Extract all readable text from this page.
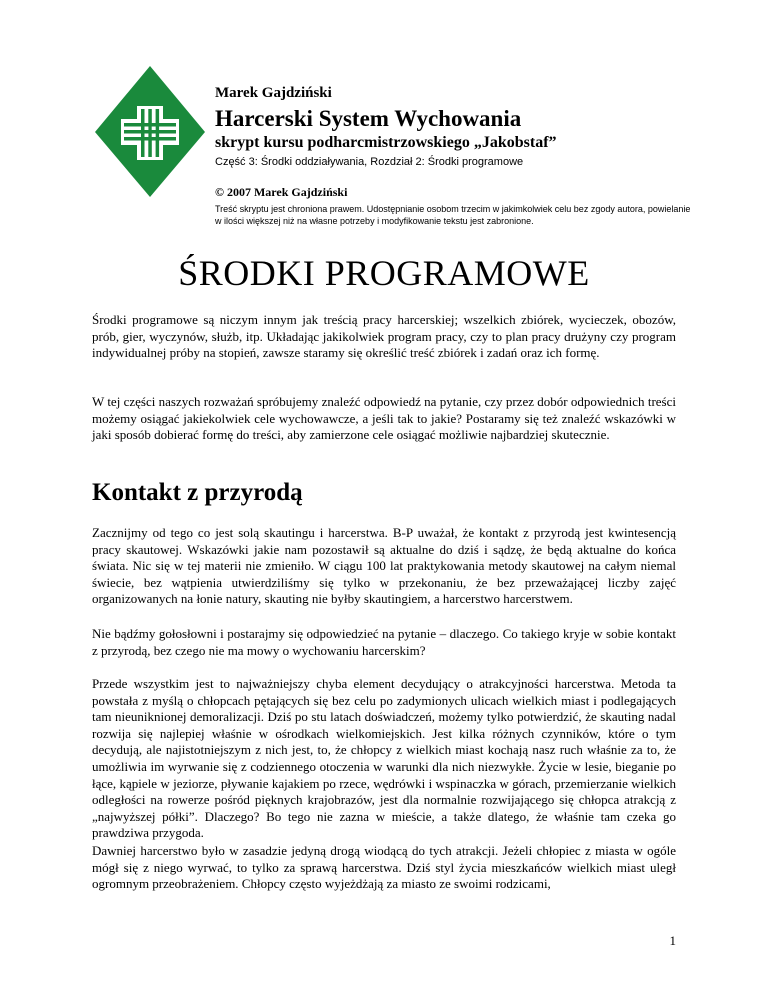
Marek Gajdziński
Harcerski System Wychowania
skrypt kursu podharcmistrzowskiego „Jakobstaf”
Część 3: Środki oddziaływania, Rozdział 2: Środki programowe
© 2007 Marek Gajdziński
Treść skryptu jest chroniona prawem. Udostępnianie osobom trzecim w jakimkolwiek celu bez zgody autora, powielanie w ilości większej niż na własne potrzeby i modyfikowanie tekstu jest zabronione.
ŚRODKI PROGRAMOWE

Środki programowe są niczym innym jak treścią pracy harcerskiej; wszelkich zbiórek, wycieczek, obozów, prób, gier, wyczynów, służb, itp. Układając jakikolwiek program pracy, czy to plan pracy drużyny czy program indywidualnej próby na stopień, zawsze staramy się określić treść zbiórek i zadań oraz ich formę.

W tej części naszych rozważań spróbujemy znaleźć odpowiedź na pytanie, czy przez dobór odpowiednich treści możemy osiągać jakiekolwiek cele wychowawcze, a jeśli tak to jakie? Postaramy się też znaleźć wskazówki w jaki sposób dobierać formę do treści, aby zamierzone cele osiągać możliwie najbardziej skutecznie.

Kontakt z przyrodą

Zacznijmy od tego co jest solą skautingu i harcerstwa. B-P uważał, że kontakt z przyrodą jest kwintesencją pracy skautowej. Wskazówki jakie nam pozostawił są aktualne do dziś i sądzę, że będą aktualne do końca świata. Nic się w tej materii nie zmieniło. W ciągu 100 lat praktykowania metody skautowej na całym niemal świecie, bez wątpienia utwierdziliśmy się tylko w przekonaniu, że bez przeważającej liczby zajęć organizowanych na łonie natury, skauting nie byłby skautingiem, a harcerstwo harcerstwem.

Nie bądźmy gołosłowni i postarajmy się odpowiedzieć na pytanie – dlaczego. Co takiego kryje w sobie kontakt z przyrodą, bez czego nie ma mowy o wychowaniu harcerskim?

Przede wszystkim jest to najważniejszy chyba element decydujący o atrakcyjności harcerstwa. Metoda ta powstała z myślą o chłopcach pętających się bez celu po zadymionych ulicach wielkich miast i podlegających tam nieuniknionej demoralizacji. Dziś po stu latach doświadczeń, możemy tylko potwierdzić, że skauting nadal rozwija się najlepiej właśnie w ośrodkach wielkomiejskich. Jest kilka różnych czynników, które o tym decydują, ale najistotniejszym z nich jest, to, że chłopcy z wielkich miast kochają nasz ruch właśnie za to, że umożliwia im wyrwanie się z codziennego otoczenia w warunki dla nich niezwykłe. Życie w lesie, bieganie po łące, kąpiele w jeziorze, pływanie kajakiem po rzece, wędrówki i wspinaczka w górach, przemierzanie wielkich odległości na rowerze pośród pięknych krajobrazów, jest dla normalnie rozwijającego się chłopca atrakcją z „najwyższej półki”. Dlaczego? Bo tego nie zazna w mieście, a także dlatego, że właśnie tam czeka go prawdziwa przygoda.

Dawniej harcerstwo było w zasadzie jedyną drogą wiodącą do tych atrakcji. Jeżeli chłopiec z miasta w ogóle mógł się z niego wyrwać, to tylko za sprawą harcerstwa. Dziś styl życia mieszkańców wielkich miast uległ ogromnym przeobrażeniem. Chłopcy często wyjeżdżają za miasto ze swoimi rodzicami,

1
